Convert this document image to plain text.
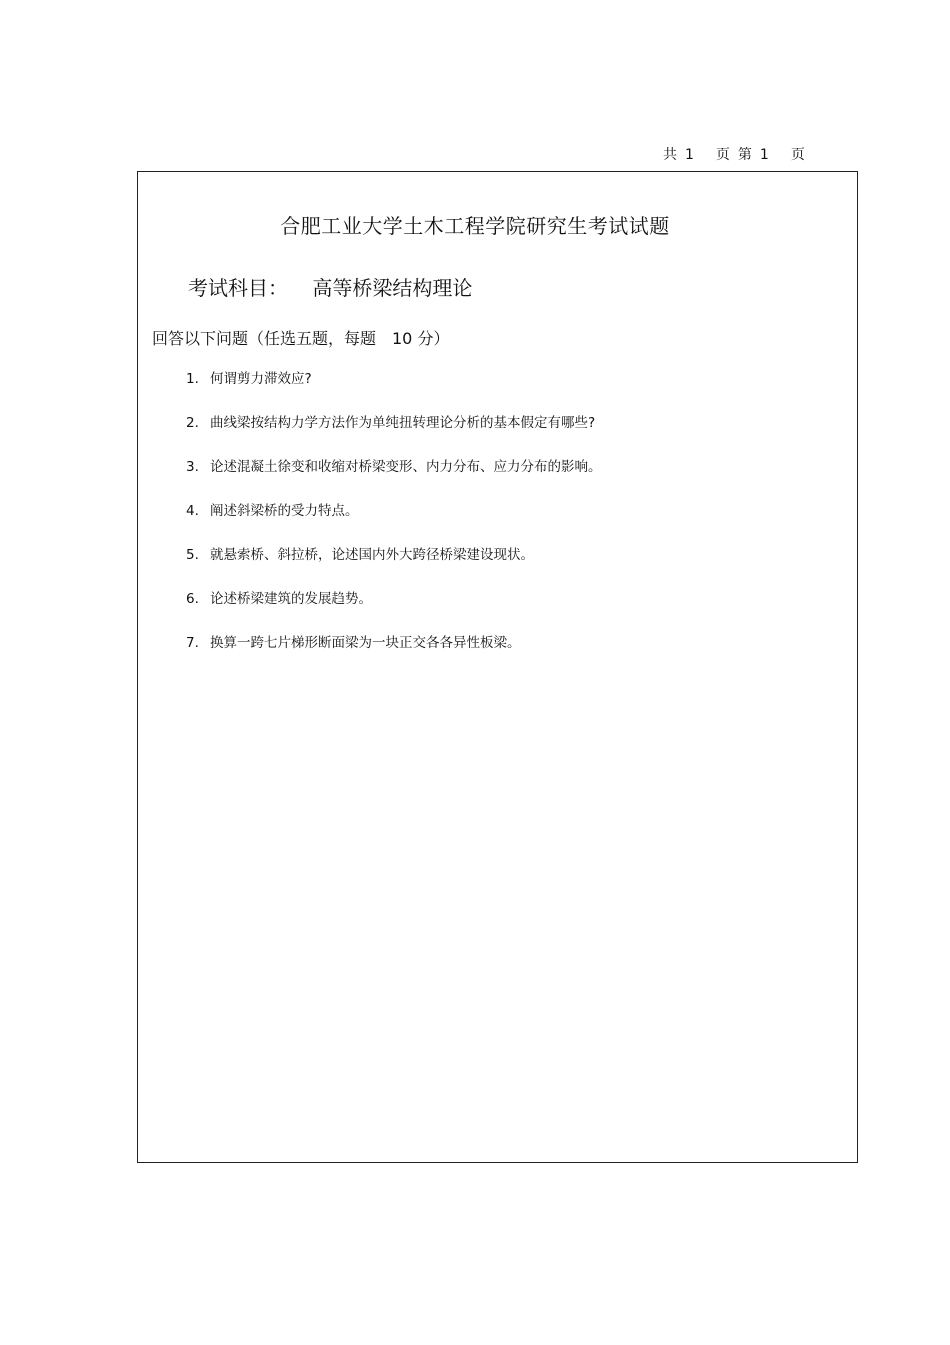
共 1 页 第 1 页
合肥工业大学土木工程学院研究生考试试题
考试科目： 高等桥梁结构理论
回答以下问题（任选五题，每题　10 分）
1. 何谓剪力滞效应?
2. 曲线梁按结构力学方法作为单纯扭转理论分析的基本假定有哪些?
3. 论述混凝土徐变和收缩对桥梁变形、内力分布、应力分布的影响。
4. 阐述斜梁桥的受力特点。
5. 就悬索桥、斜拉桥，论述国内外大跨径桥梁建设现状。
6. 论述桥梁建筑的发展趋势。
7. 换算一跨七片梯形断面梁为一块正交各各异性板梁。
